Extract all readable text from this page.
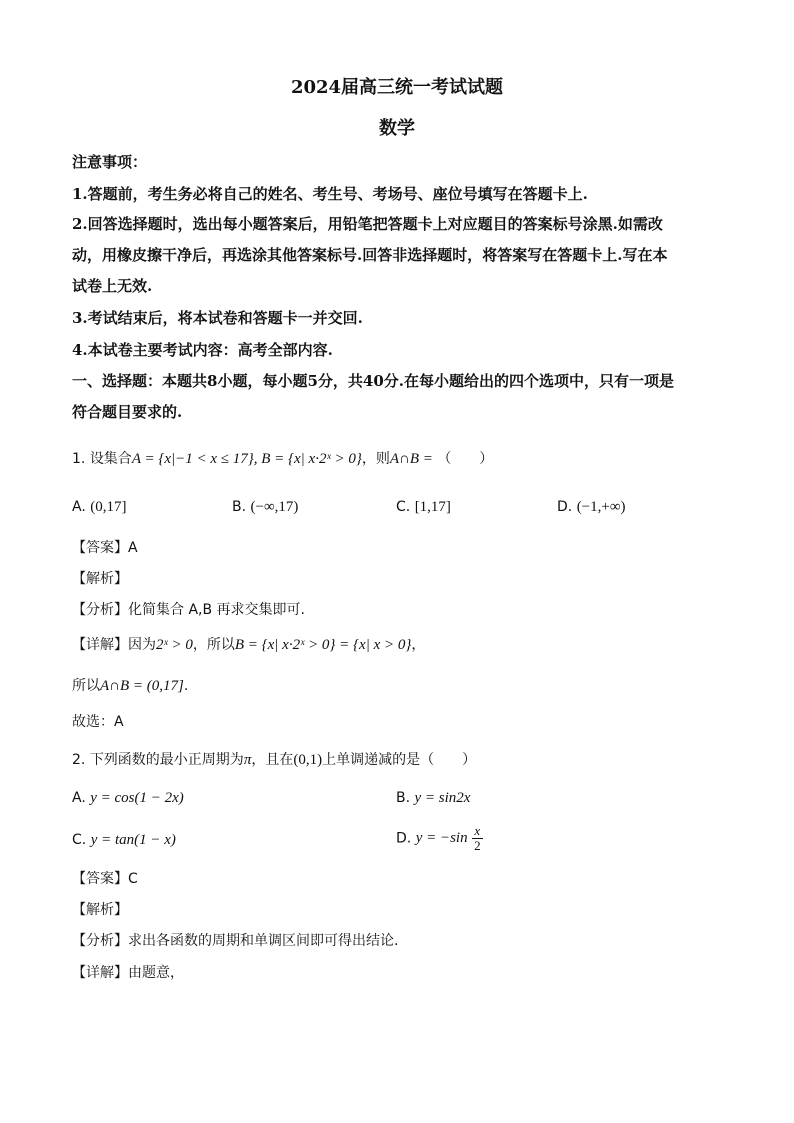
2024届高三统一考试试题
数学
注意事项：
1.答题前，考生务必将自己的姓名、考生号、考场号、座位号填写在答题卡上.
2.回答选择题时，选出每小题答案后，用铅笔把答题卡上对应题目的答案标号涂黑.如需改
动，用橡皮擦干净后，再选涂其他答案标号.回答非选择题时，将答案写在答题卡上.写在本
试卷上无效.
3.考试结束后，将本试卷和答题卡一并交回.
4.本试卷主要考试内容：高考全部内容.
一、选择题：本题共8小题，每小题5分，共40分.在每小题给出的四个选项中，只有一项是
符合题目要求的.
1. 设集合A = {x|−1 < x ≤ 17}, B = {x| x·2ˣ > 0}，则A∩B = （　　）
A. (0,17]	B. (−∞,17)	C. [1,17]	D. (−1,+∞)
【答案】A
【解析】
【分析】化简集合 A,B 再求交集即可.
【详解】因为2ˣ > 0，所以B = {x| x·2ˣ > 0} = {x| x > 0}，
所以A∩B = (0,17].
故选：A
2. 下列函数的最小正周期为π，且在(0,1)上单调递减的是（　　）
A. y = cos(1 − 2x)	B. y = sin2x
C. y = tan(1 − x)	D. $y = -\sin \frac{x}{2}$
【答案】C
【解析】
【分析】求出各函数的周期和单调区间即可得出结论.
【详解】由题意，
